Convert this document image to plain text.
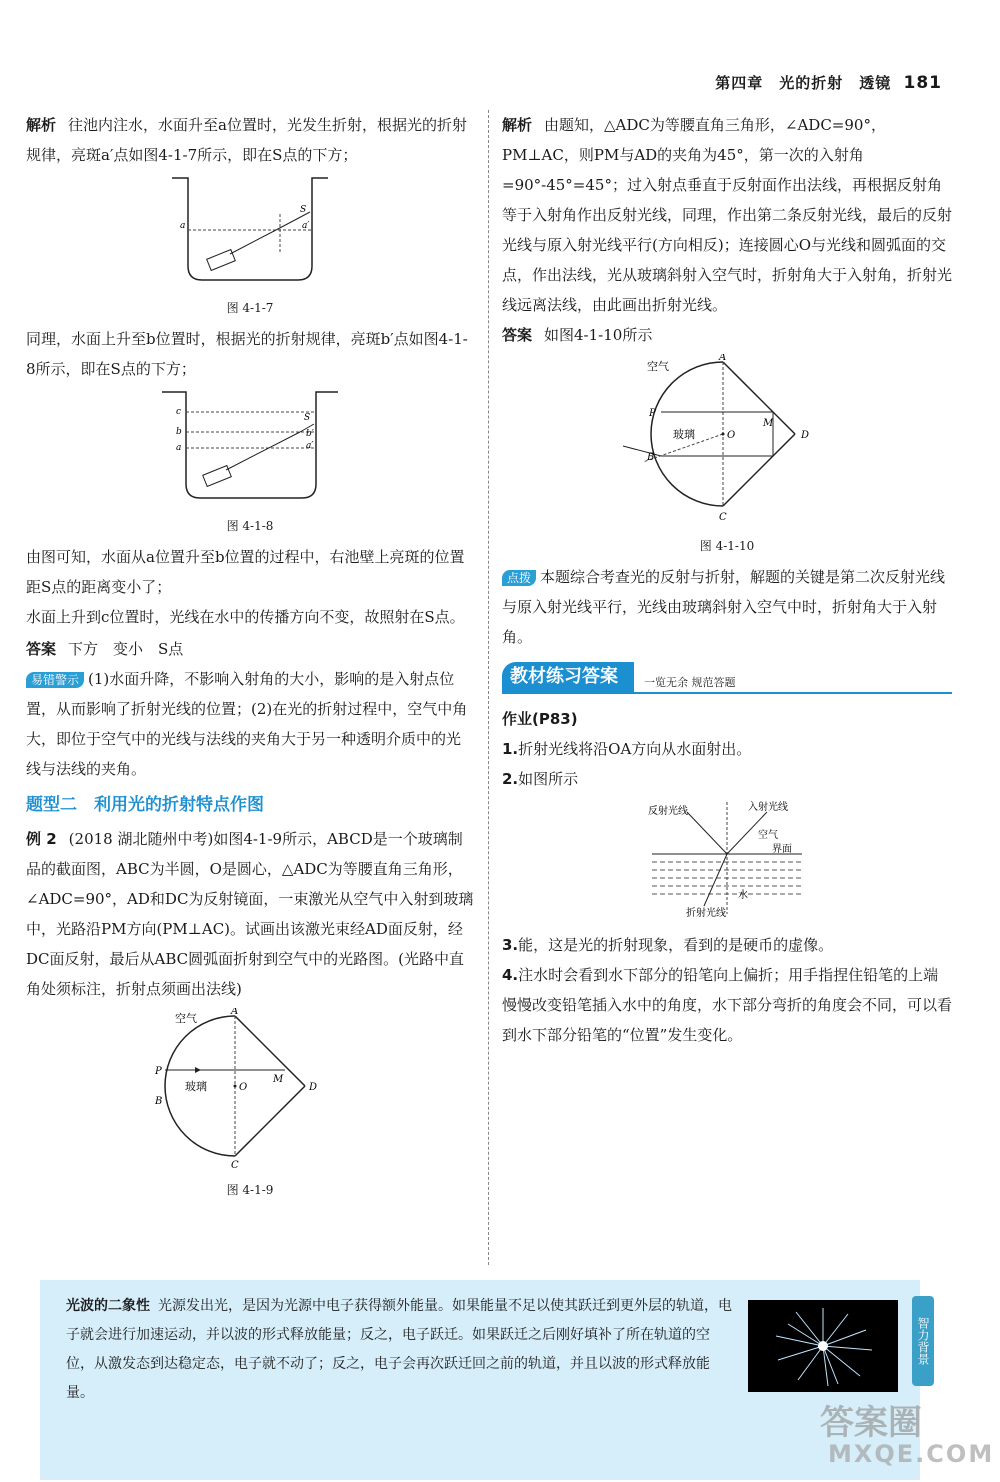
第四章　光的折射　透镜 181

解析 往池内注水，水面升至a位置时，光发生折射，根据光的折射规律，亮斑a′点如图4-1-7所示，即在S点的下方；

a
S
a′
图 4-1-7

同理，水面上升至b位置时，根据光的折射规律，亮斑b′点如图4-1-8所示，即在S点的下方；

c
b
a
S
b′
a′
图 4-1-8

由图可知，水面从a位置升至b位置的过程中，右池壁上亮斑的位置距S点的距离变小了；

水面上升到c位置时，光线在水中的传播方向不变，故照射在S点。

答案 下方　变小　S点

易错警示 (1)水面升降，不影响入射角的大小，影响的是入射点位置，从而影响了折射光线的位置；(2)在光的折射过程中，空气中角大，即位于空气中的光线与法线的夹角大于另一种透明介质中的光线与法线的夹角。

题型二　利用光的折射特点作图

例 2 (2018 湖北随州中考)如图4-1-9所示，ABCD是一个玻璃制品的截面图，ABC为半圆，O是圆心，△ADC为等腰直角三角形，∠ADC=90°，AD和DC为反射镜面，一束激光从空气中入射到玻璃中，光路沿PM方向(PM⊥AC)。试画出该激光束经AD面反射，经DC面反射，最后从ABC圆弧面折射到空气中的光路图。(光路中直角处须标注，折射点须画出法线)

空气
A
P
玻璃
M
O
B
D
C
图 4-1-9

解析 由题知，△ADC为等腰直角三角形，∠ADC=90°，PM⊥AC，则PM与AD的夹角为45°，第一次的入射角=90°-45°=45°；过入射点垂直于反射面作出法线，再根据反射角等于入射角作出反射光线，同理，作出第二条反射光线，最后的反射光线与原入射光线平行(方向相反)；连接圆心O与光线和圆弧面的交点，作出法线，光从玻璃斜射入空气时，折射角大于入射角，折射光线远离法线，由此画出折射光线。

答案 如图4-1-10所示

空气
A
P
玻璃
M
O
B
D
C
图 4-1-10

点拨 本题综合考查光的反射与折射，解题的关键是第二次反射光线与原入射光线平行，光线由玻璃斜射入空气中时，折射角大于入射角。

教材练习答案	一览无余 规范答题
作业(P83)
1.折射光线将沿OA方向从水面射出。
2.如图所示
反射光线	入射光线
空气
界面
水
折射光线
3.能，这是光的折射现象，看到的是硬币的虚像。
4.注水时会看到水下部分的铅笔向上偏折；用手指捏住铅笔的上端慢慢改变铅笔插入水中的角度，水下部分弯折的角度会不同，可以看到水下部分铅笔的“位置”发生变化。
光波的二象性 光源发出光，是因为光源中电子获得额外能量。如果能量不足以使其跃迁到更外层的轨道，电子就会进行加速运动，并以波的形式释放能量；反之，电子跃迁。如果跃迁之后刚好填补了所在轨道的空位，从激发态到达稳定态，电子就不动了；反之，电子会再次跃迁回之前的轨道，并且以波的形式释放能量。
智力背景
答案圈
MXQE.COM
